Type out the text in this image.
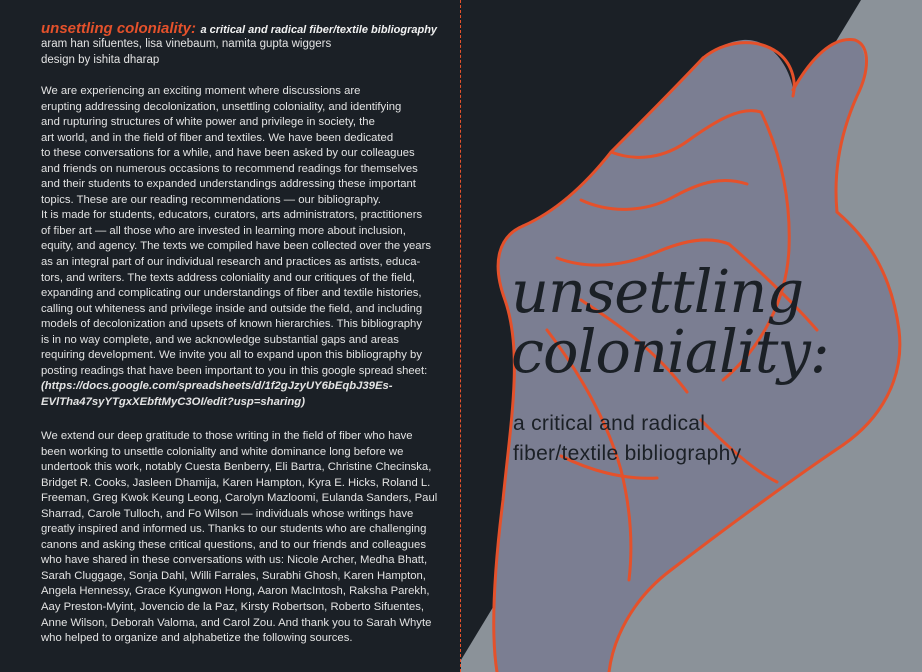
unsettling coloniality: a critical and radical fiber/textile bibliography
aram han sifuentes, lisa vinebaum, namita gupta wiggers
design by ishita dharap
We are experiencing an exciting moment where discussions are
erupting addressing decolonization, unsettling coloniality, and identifying
and rupturing structures of white power and privilege in society, the
art world, and in the field of fiber and textiles. We have been dedicated
to these conversations for a while, and have been asked by our colleagues
and friends on numerous occasions to recommend readings for themselves
and their students to expanded understandings addressing these important
topics. These are our reading recommendations — our bibliography.
It is made for students, educators, curators, arts administrators, practitioners
of fiber art — all those who are invested in learning more about inclusion,
equity, and agency. The texts we compiled have been collected over the years
as an integral part of our individual research and practices as artists, educa-
tors, and writers. The texts address coloniality and our critiques of the field,
expanding and complicating our understandings of fiber and textile histories,
calling out whiteness and privilege inside and outside the field, and including
models of decolonization and upsets of known hierarchies. This bibliography
is in no way complete, and we acknowledge substantial gaps and areas
requiring development. We invite you all to expand upon this bibliography by
posting readings that have been important to you in this google spread sheet:
(https://docs.google.com/spreadsheets/d/1f2gJzyUY6bEqbJ39Es-
EVlTha47syYTgxXEbftMyC3OI/edit?usp=sharing)
We extend our deep gratitude to those writing in the field of fiber who have
been working to unsettle coloniality and white dominance long before we
undertook this work, notably Cuesta Benberry, Eli Bartra, Christine Checinska,
Bridget R. Cooks, Jasleen Dhamija, Karen Hampton, Kyra E. Hicks, Roland L.
Freeman, Greg Kwok Keung Leong, Carolyn Mazloomi, Eulanda Sanders, Paul
Sharrad, Carole Tulloch, and Fo Wilson — individuals whose writings have
greatly inspired and informed us. Thanks to our students who are challenging
canons and asking these critical questions, and to our friends and colleagues
who have shared in these conversations with us: Nicole Archer, Medha Bhatt,
Sarah Cluggage, Sonja Dahl, Willi Farrales, Surabhi Ghosh, Karen Hampton,
Angela Hennessy, Grace Kyungwon Hong, Aaron MacIntosh, Raksha Parekh,
Aay Preston-Myint, Jovencio de la Paz, Kirsty Robertson, Roberto Sifuentes,
Anne Wilson, Deborah Valoma, and Carol Zou. And thank you to Sarah Whyte
who helped to organize and alphabetize the following sources.
unsettling
coloniality:
a critical and radical
fiber/textile bibliography
